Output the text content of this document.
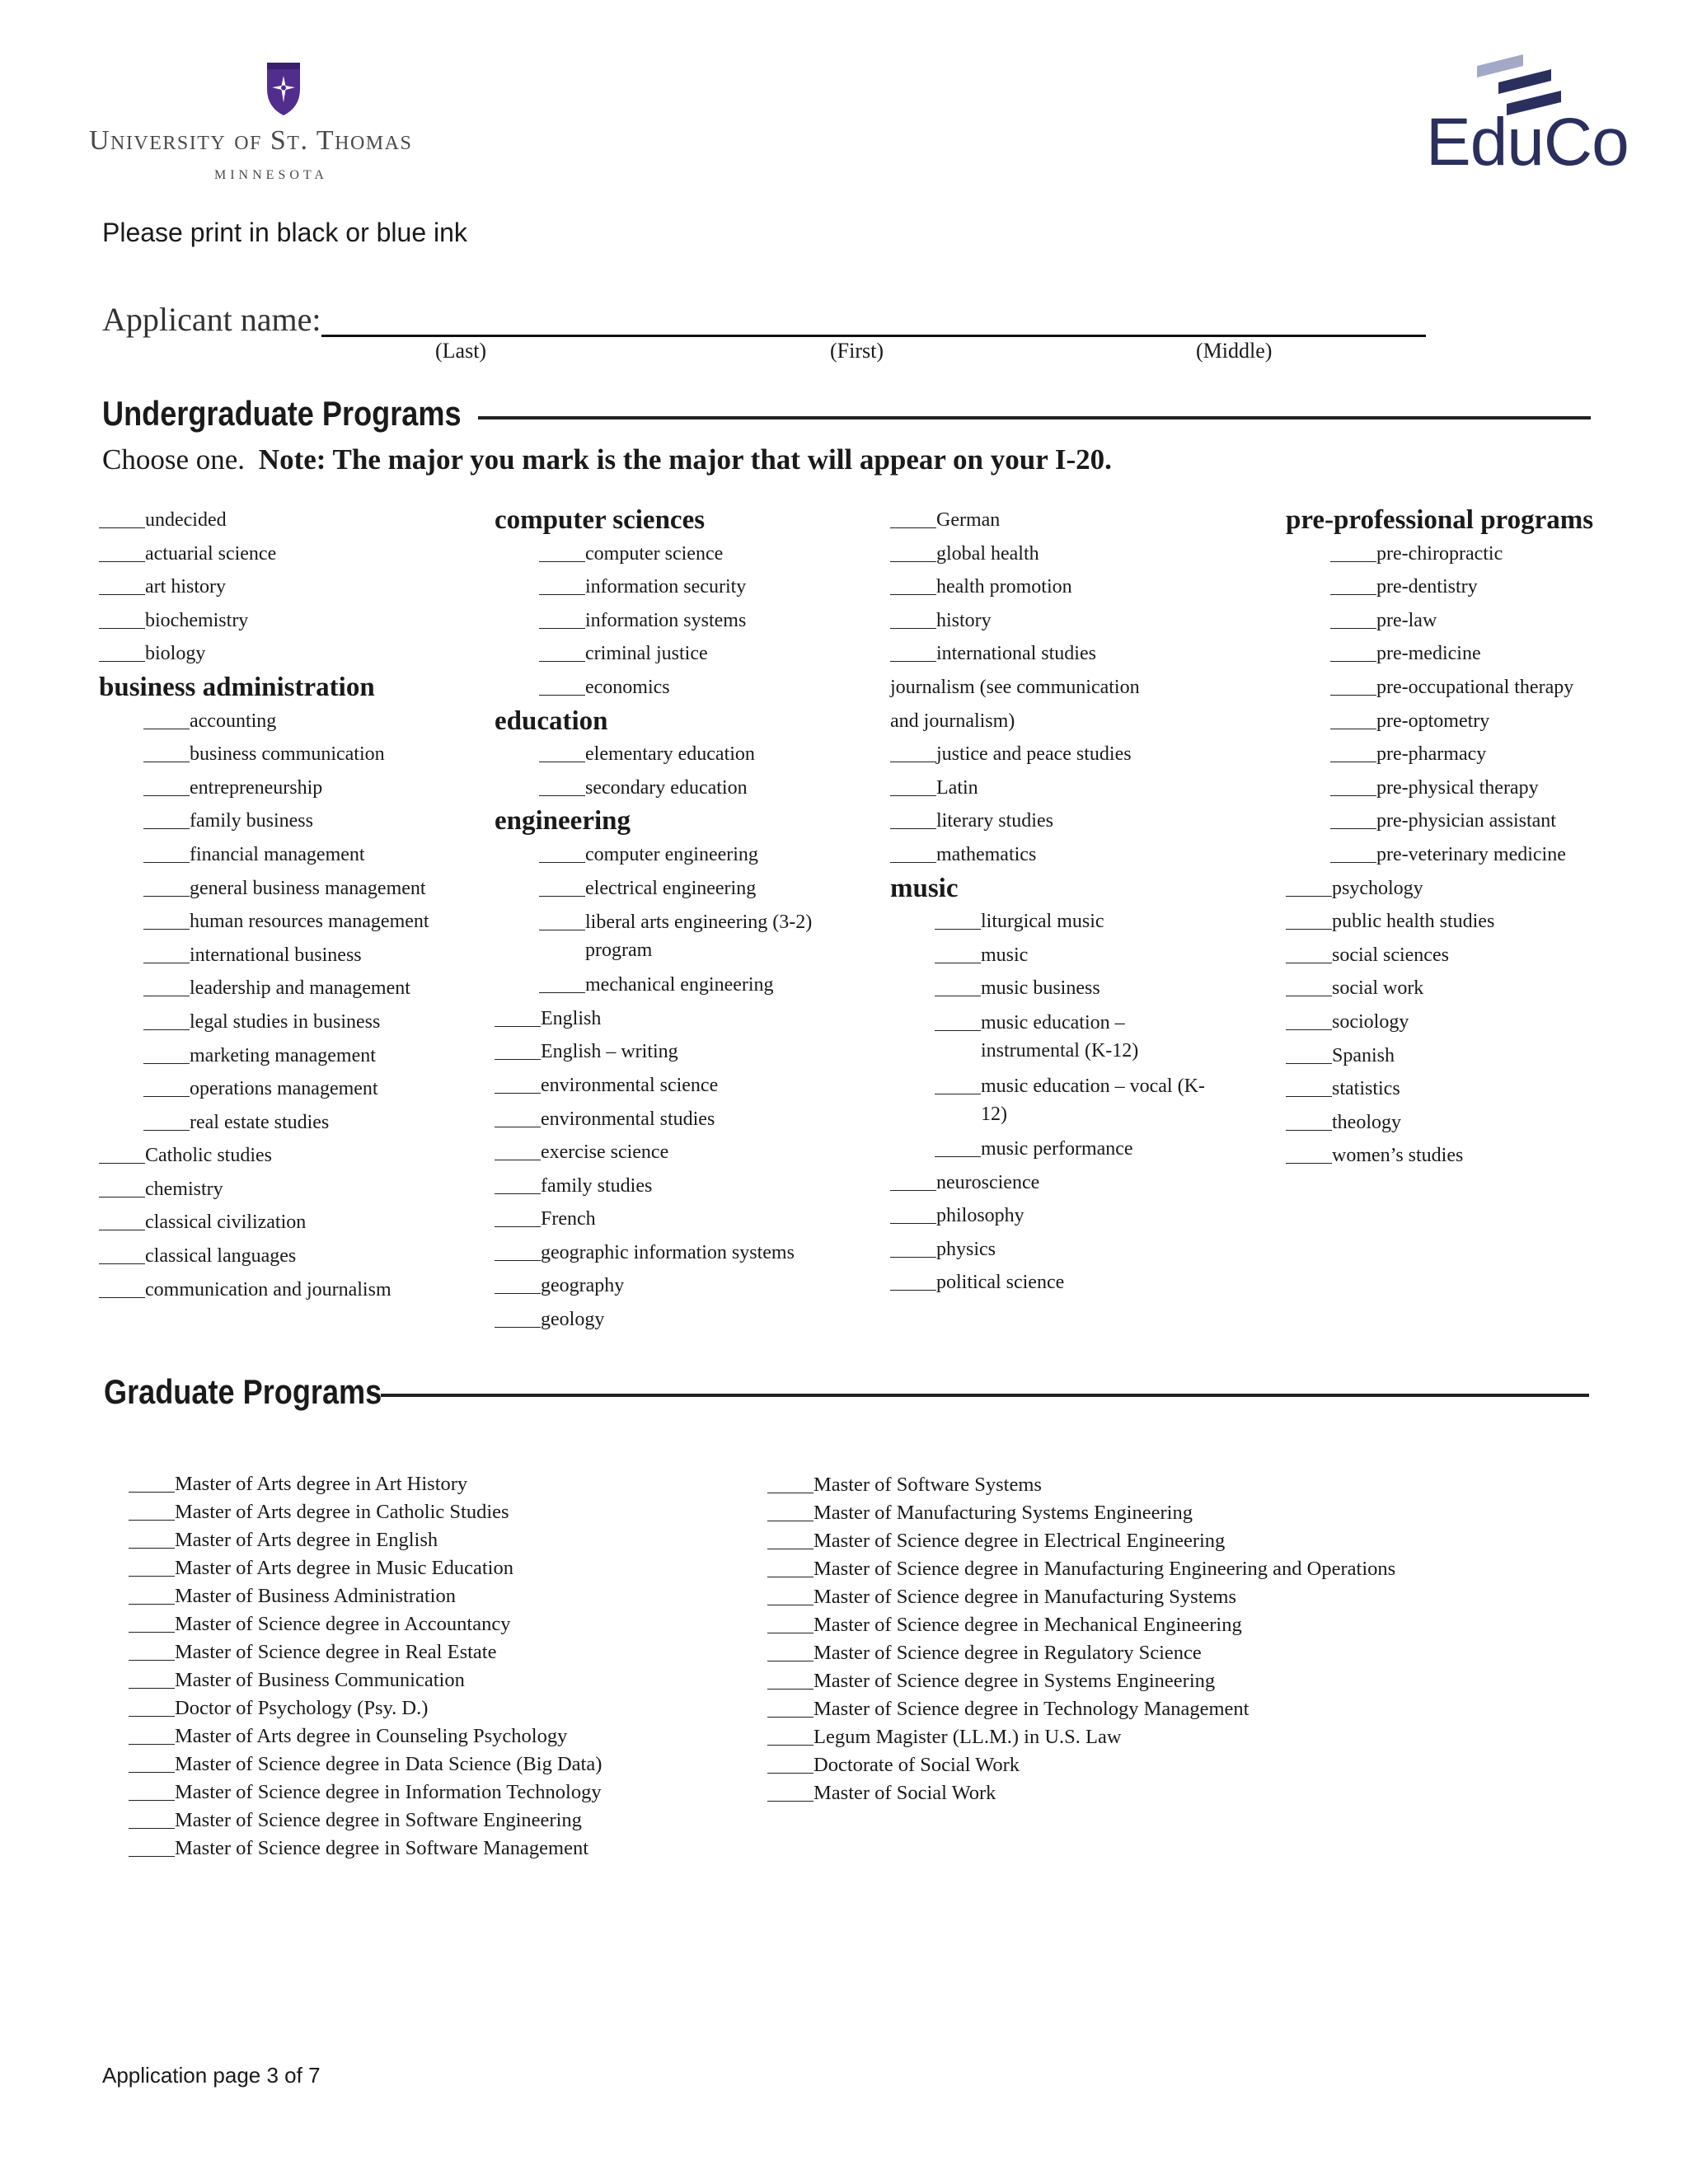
University of St. Thomas
MINNESOTA	EduCo
Please print in black or blue ink
Applicant name:
(Last)	(First)	(Middle)
Undergraduate Programs
Choose one. Note: The major you mark is the major that will appear on your I-20.
undecided
actuarial science
art history
biochemistry
biology
business administration
accounting
business communication
entrepreneurship
family business
financial management
general business management
human resources management
international business
leadership and management
legal studies in business
marketing management
operations management
real estate studies
Catholic studies
chemistry
classical civilization
classical languages
communication and journalism
computer sciences
computer science
information security
information systems
criminal justice
economics
education
elementary education
secondary education
engineering
computer engineering
electrical engineering
liberal arts engineering (3-2) program
mechanical engineering
English
English – writing
environmental science
environmental studies
exercise science
family studies
French
geographic information systems
geography
geology
German
global health
health promotion
history
international studies
journalism (see communication
and journalism)
justice and peace studies
Latin
literary studies
mathematics
music
liturgical music
music
music business
music education – instrumental (K-12)
music education – vocal (K-12)
music performance
neuroscience
philosophy
physics
political science
pre-professional programs
pre-chiropractic
pre-dentistry
pre-law
pre-medicine
pre-occupational therapy
pre-optometry
pre-pharmacy
pre-physical therapy
pre-physician assistant
pre-veterinary medicine
psychology
public health studies
social sciences
social work
sociology
Spanish
statistics
theology
women’s studies
Graduate Programs
Master of Arts degree in Art History
Master of Arts degree in Catholic Studies
Master of Arts degree in English
Master of Arts degree in Music Education
Master of Business Administration
Master of Science degree in Accountancy
Master of Science degree in Real Estate
Master of Business Communication
Doctor of Psychology (Psy. D.)
Master of Arts degree in Counseling Psychology
Master of Science degree in Data Science (Big Data)
Master of Science degree in Information Technology
Master of Science degree in Software Engineering
Master of Science degree in Software Management
Master of Software Systems
Master of Manufacturing Systems Engineering
Master of Science degree in Electrical Engineering
Master of Science degree in Manufacturing Engineering and Operations
Master of Science degree in Manufacturing Systems
Master of Science degree in Mechanical Engineering
Master of Science degree in Regulatory Science
Master of Science degree in Systems Engineering
Master of Science degree in Technology Management
Legum Magister (LL.M.) in U.S. Law
Doctorate of Social Work
Master of Social Work
Application page 3 of 7
